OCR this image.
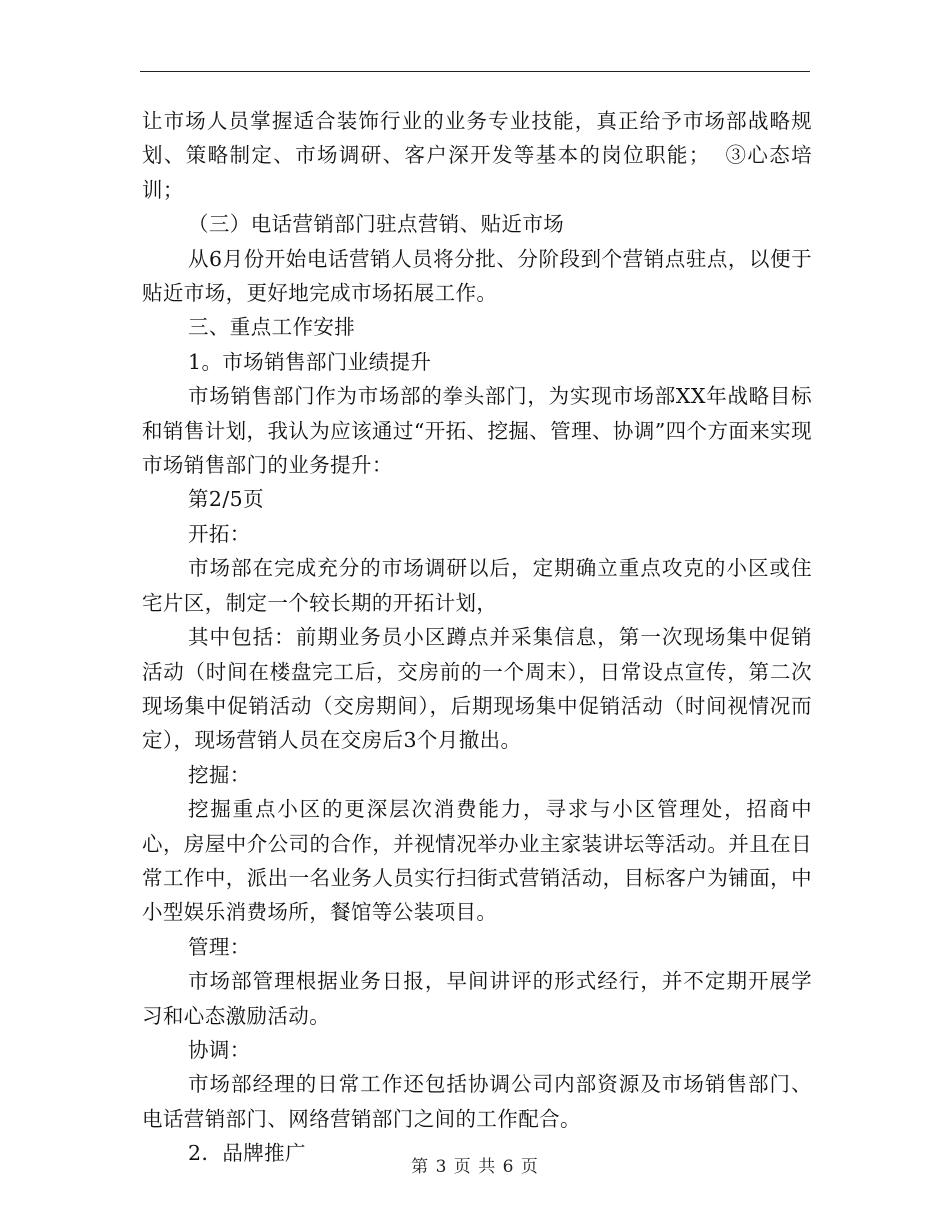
让市场人员掌握适合装饰行业的业务专业技能，真正给予市场部战略规划、策略制定、市场调研、客户深开发等基本的岗位职能；  ③心态培训；

（三）电话营销部门驻点营销、贴近市场

从6月份开始电话营销人员将分批、分阶段到个营销点驻点，以便于贴近市场，更好地完成市场拓展工作。

三、重点工作安排

1。市场销售部门业绩提升

市场销售部门作为市场部的拳头部门，为实现市场部XX年战略目标和销售计划，我认为应该通过“开拓、挖掘、管理、协调”四个方面来实现市场销售部门的业务提升：

第2/5页

开拓：

市场部在完成充分的市场调研以后，定期确立重点攻克的小区或住宅片区，制定一个较长期的开拓计划，

其中包括：前期业务员小区蹲点并采集信息，第一次现场集中促销活动（时间在楼盘完工后，交房前的一个周末），日常设点宣传，第二次现场集中促销活动（交房期间），后期现场集中促销活动（时间视情况而定），现场营销人员在交房后3个月撤出。

挖掘：

挖掘重点小区的更深层次消费能力，寻求与小区管理处，招商中心，房屋中介公司的合作，并视情况举办业主家装讲坛等活动。并且在日常工作中，派出一名业务人员实行扫街式营销活动，目标客户为铺面，中小型娱乐消费场所，餐馆等公装项目。

管理：

市场部管理根据业务日报，早间讲评的形式经行，并不定期开展学习和心态激励活动。

协调：

市场部经理的日常工作还包括协调公司内部资源及市场销售部门、电话营销部门、网络营销部门之间的工作配合。

2．品牌推广

第 3 页 共 6 页
